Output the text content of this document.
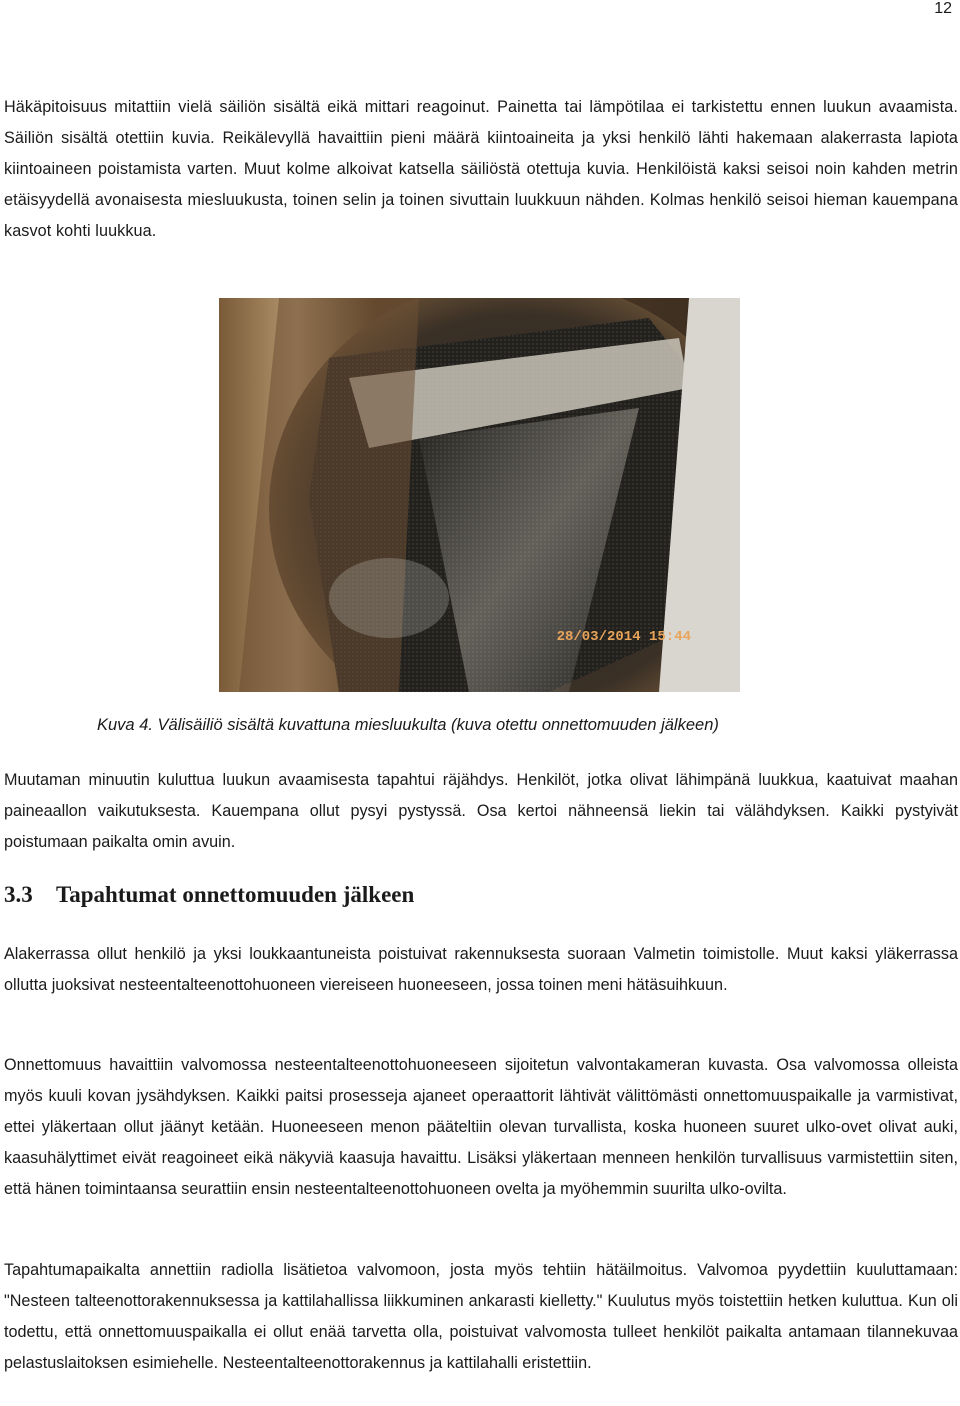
12

Häkäpitoisuus mitattiin vielä säiliön sisältä eikä mittari reagoinut. Painetta tai lämpötilaa ei tarkistettu ennen luukun avaamista. Säiliön sisältä otettiin kuvia. Reikälevyllä havaittiin pieni määrä kiintoaineita ja yksi henkilö lähti hakemaan alakerrasta lapiota kiintoaineen poistamista varten. Muut kolme alkoivat katsella säiliöstä otettuja kuvia. Henkilöistä kaksi seisoi noin kahden metrin etäisyydellä avonaisesta miesluukusta, toinen selin ja toinen sivuttain luukkuun nähden. Kolmas henkilö seisoi hieman kauempana kasvot kohti luukkua.

28/03/2014 15:44
Kuva 4. Välisäiliö sisältä kuvattuna miesluukulta (kuva otettu onnettomuuden jälkeen)

Muutaman minuutin kuluttua luukun avaamisesta tapahtui räjähdys. Henkilöt, jotka olivat lähimpänä luukkua, kaatuivat maahan paineaallon vaikutuksesta. Kauempana ollut pysyi pystyssä. Osa kertoi nähneensä liekin tai välähdyksen. Kaikki pystyivät poistumaan paikalta omin avuin.

3.3 Tapahtumat onnettomuuden jälkeen

Alakerrassa ollut henkilö ja yksi loukkaantuneista poistuivat rakennuksesta suoraan Valmetin toimistolle. Muut kaksi yläkerrassa ollutta juoksivat nesteentalteenottohuoneen viereiseen huoneeseen, jossa toinen meni hätäsuihkuun.

Onnettomuus havaittiin valvomossa nesteentalteenottohuoneeseen sijoitetun valvontakameran kuvasta. Osa valvomossa olleista myös kuuli kovan jysähdyksen. Kaikki paitsi prosesseja ajaneet operaattorit lähtivät välittömästi onnettomuuspaikalle ja varmistivat, ettei yläkertaan ollut jäänyt ketään. Huoneeseen menon pääteltiin olevan turvallista, koska huoneen suuret ulko-ovet olivat auki, kaasuhälyttimet eivät reagoineet eikä näkyviä kaasuja havaittu. Lisäksi yläkertaan menneen henkilön turvallisuus varmistettiin siten, että hänen toimintaansa seurattiin ensin nesteentalteenottohuoneen ovelta ja myöhemmin suurilta ulko-ovilta.

Tapahtumapaikalta annettiin radiolla lisätietoa valvomoon, josta myös tehtiin hätäilmoitus. Valvomoa pyydettiin kuuluttamaan: "Nesteen talteenottorakennuksessa ja kattilahallissa liikkuminen ankarasti kielletty." Kuulutus myös toistettiin hetken kuluttua. Kun oli todettu, että onnettomuuspaikalla ei ollut enää tarvetta olla, poistuivat valvomosta tulleet henkilöt paikalta antamaan tilannekuvaa pelastuslaitoksen esimiehelle. Nesteentalteenottorakennus ja kattilahalli eristettiin.
